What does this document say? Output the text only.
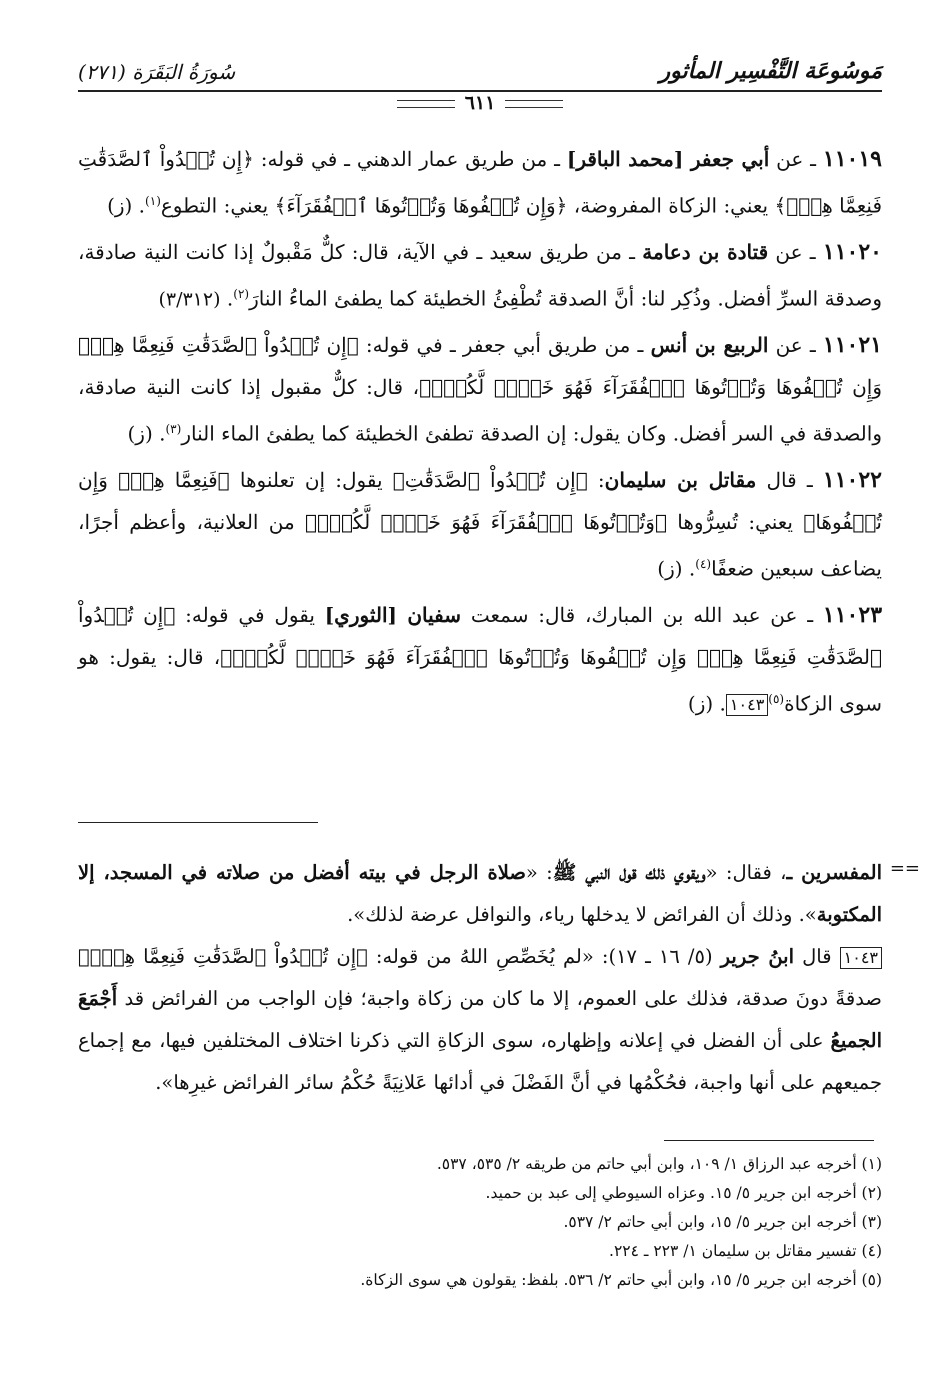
مَوسُوعَة التَّفْسِير المأثور
سُورَةُ البَقَرَة (٢٧١)
٦١١

١١٠١٩ ـ عن أبي جعفر [محمد الباقر] ـ من طريق عمار الدهني ـ في قوله: ﴿إِن تُبۡدُواْ ٱلصَّدَقَٰتِ فَنِعِمَّا هِيَۖ﴾ يعني: الزكاة المفروضة، ﴿وَإِن تُخۡفُوهَا وَتُؤۡتُوهَا ٱلۡفُقَرَآءَ﴾ يعني: التطوع$^{(١)}$. (ز)

١١٠٢٠ ـ عن قتادة بن دعامة ـ من طريق سعيد ـ في الآية، قال: كلٌّ مَقْبولٌ إذا كانت النية صادقة، وصدقة السرِّ أفضل. وذُكِر لنا: أنَّ الصدقة تُطْفِئُ الخطيئة كما يطفئ الماءُ النارَ$^{(٢)}$. (٣/٣١٢)

١١٠٢١ ـ عن الربيع بن أنس ـ من طريق أبي جعفر ـ في قوله: ﴿إِن تُبۡدُواْ ٱلصَّدَقَٰتِ فَنِعِمَّا هِيَۖ وَإِن تُخۡفُوهَا وَتُؤۡتُوهَا ٱلۡفُقَرَآءَ فَهُوَ خَيۡرٞ لَّكُمۡۚ﴾، قال: كلٌّ مقبول إذا كانت النية صادقة، والصدقة في السر أفضل. وكان يقول: إن الصدقة تطفئ الخطيئة كما يطفئ الماء النار$^{(٣)}$. (ز)

١١٠٢٢ ـ قال مقاتل بن سليمان: ﴿إِن تُبۡدُواْ ٱلصَّدَقَٰتِ﴾ يقول: إن تعلنوها ﴿فَنِعِمَّا هِيَۖ وَإِن تُخۡفُوهَا﴾ يعني: تُسِرُّوها ﴿وَتُؤۡتُوهَا ٱلۡفُقَرَآءَ فَهُوَ خَيۡرٞ لَّكُمۡۚ﴾ من العلانية، وأعظم أجرًا، يضاعف سبعين ضعفًا$^{(٤)}$. (ز)

١١٠٢٣ ـ عن عبد الله بن المبارك، قال: سمعت سفيان [الثوري] يقول في قوله: ﴿إِن تُبۡدُواْ ٱلصَّدَقَٰتِ فَنِعِمَّا هِيَۖ وَإِن تُخۡفُوهَا وَتُؤۡتُوهَا ٱلۡفُقَرَآءَ فَهُوَ خَيۡرٞ لَّكُمۡۚ﴾، قال: يقول: هو سوى الزكاة$^{(٥)}$١٠٤٣. (ز)

المفسرين ـ، فقال: «ويقوي ذلك قول النبي ﷺ: «صلاة الرجل في بيته أفضل من صلاته في المسجد، إلا المكتوبة». وذلك أن الفرائض لا يدخلها رياء، والنوافل عرضة لذلك».

١٠٤٣ قال ابنُ جرير (٥/ ١٦ ـ ١٧): «لم يُخَصِّصِ اللهُ من قوله: ﴿إِن تُبۡدُواْ ٱلصَّدَقَٰتِ فَنِعِمَّا هِيَۖ﴾ صدقةً دونَ صدقة، فذلك على العموم، إلا ما كان من زكاة واجبة؛ فإن الواجب من الفرائض قد أَجْمَعَ الجميعُ على أن الفضل في إعلانه وإظهاره، سوى الزكاةِ التي ذكرنا اختلاف المختلفين فيها، مع إجماع جميعهم على أنها واجبة، فحُكْمُها في أنَّ الفَضْلَ في أدائها عَلانِيَةً حُكْمُ سائر الفرائض غيرِها».

==
(١) أخرجه عبد الرزاق ١/ ١٠٩، وابن أبي حاتم من طريقه ٢/ ٥٣٥، ٥٣٧.
(٢) أخرجه ابن جرير ٥/ ١٥. وعزاه السيوطي إلى عبد بن حميد.
(٣) أخرجه ابن جرير ٥/ ١٥، وابن أبي حاتم ٢/ ٥٣٧.
(٤) تفسير مقاتل بن سليمان ١/ ٢٢٣ ـ ٢٢٤.
(٥) أخرجه ابن جرير ٥/ ١٥، وابن أبي حاتم ٢/ ٥٣٦. بلفظ: يقولون هي سوى الزكاة.
